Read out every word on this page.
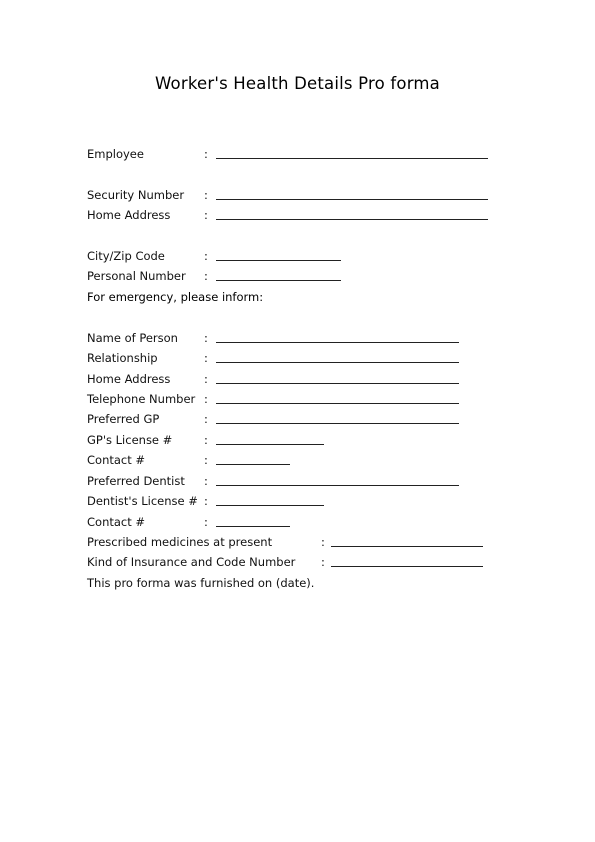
Worker's Health Details Pro forma
Employee	:
Security Number :
Home Address	:
City/Zip Code	:
Personal Number :
For emergency, please inform:
Name of Person :
Relationship	:
Home Address	:
Telephone Number :
Preferred GP	:
GP's License #	:
Contact #	:
Preferred Dentist :
Dentist's License # :
Contact #	:
Prescribed medicines at present	:
Kind of Insurance and Code Number :
This pro forma was furnished on (date).
